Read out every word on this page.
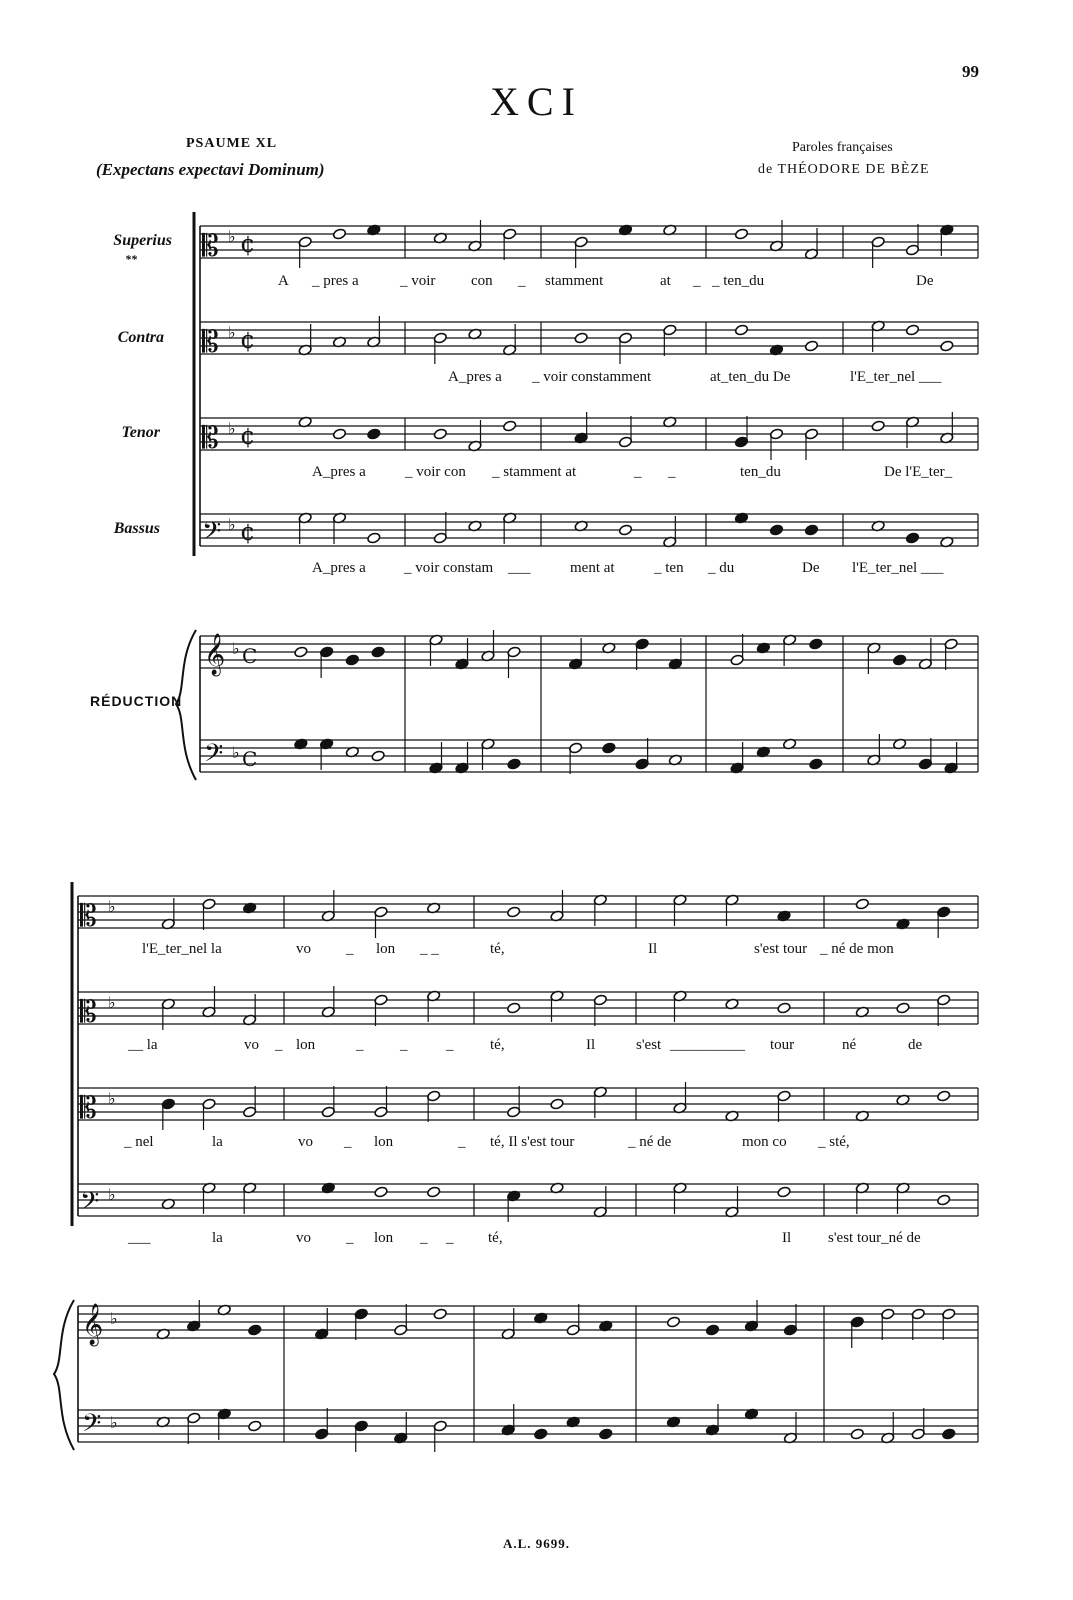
99
XCI
PSAUME XL
(Expectans expectavi Dominum)
Paroles françaises
de THÉODORE DE BÈZE
Superius
**
Contra
Tenor
Bassus
RÉDUCTION
𝄡 ♭ ¢
𝄡 ♭ ¢
𝄡 ♭ ¢
𝄢 ♭ ¢
𝄞 ♭ C
𝄢 ♭ C
𝄡 ♭
𝄡 ♭
𝄡 ♭
𝄢 ♭
𝄞 ♭
𝄢 ♭
A _ pres a	_ voir con _ stamment	at _ _ ten_du	De
A_pres a _ voir constamment	at_ten_du De	l'E_ter_nel ___
A_pres a	_ voir con _ stamment at	_ _	ten_du	De l'E_ter_
A_pres a	_ voir constam ___	ment at	_ ten _ du	De l'E_ter_nel ___
l'E_ter_nel la	vo _ lon _ _	té,	Il	s'est tour _ né de mon
__ la	vo _ lon	_ _	_ té,	Il	s'est __________ tour	né	de
_ nel	la	vo _ lon	_ té, Il s'est tour	_ né de	mon co _ sté,
___	la	vo _ lon _ _ té,	Il s'est tour_né de
A.L. 9699.
